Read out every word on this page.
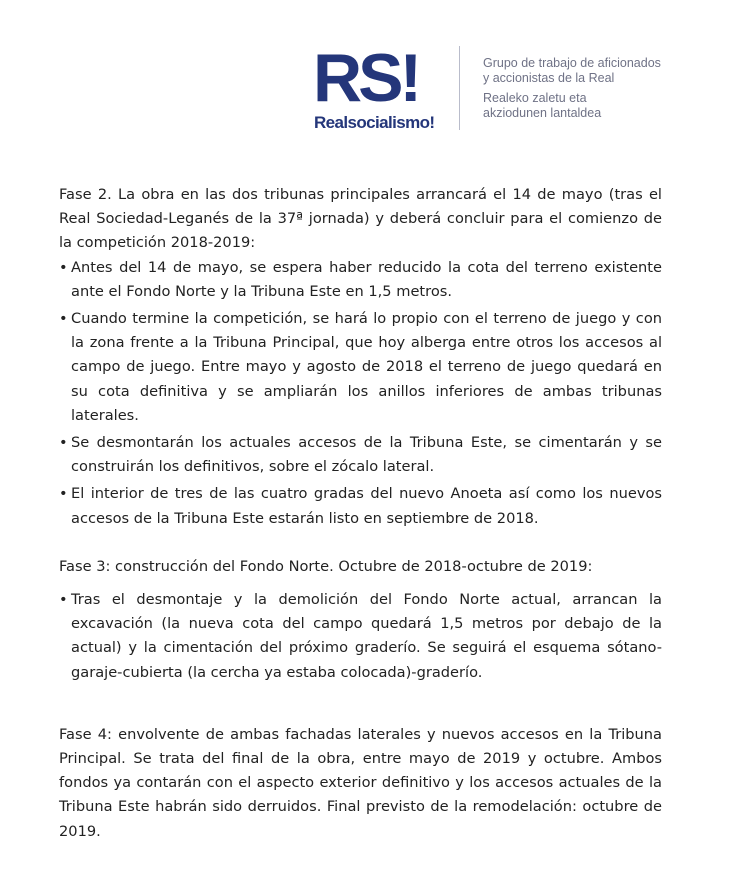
RS!
Realsocialismo!
Grupo de trabajo de aficionados
y accionistas de la Real
Realeko zaletu eta
akziodunen lantaldea

Fase 2. La obra en las dos tribunas principales arrancará el 14 de mayo (tras el Real Sociedad-Leganés de la 37ª jornada) y deberá concluir para el comienzo de la competición 2018-2019:

• Antes del 14 de mayo, se espera haber reducido la cota del terreno existente ante el Fondo Norte y la Tribuna Este en 1,5 metros.
• Cuando termine la competición, se hará lo propio con el terreno de juego y con la zona frente a la Tribuna Principal, que hoy alberga entre otros los accesos al campo de juego. Entre mayo y agosto de 2018 el terreno de juego quedará en su cota definitiva y se ampliarán los anillos inferiores de ambas tribunas laterales.
• Se desmontarán los actuales accesos de la Tribuna Este, se cimentarán y se construirán los definitivos, sobre el zócalo lateral.
• El interior de tres de las cuatro gradas del nuevo Anoeta así como los nuevos accesos de la Tribuna Este estarán listo en septiembre de 2018.

Fase 3: construcción del Fondo Norte. Octubre de 2018-octubre de 2019:

• Tras el desmontaje y la demolición del Fondo Norte actual, arrancan la excavación (la nueva cota del campo quedará 1,5 metros por debajo de la actual) y la cimentación del próximo graderío. Se seguirá el esquema sótano-garaje-cubierta (la cercha ya estaba colocada)-graderío.

Fase 4: envolvente de ambas fachadas laterales y nuevos accesos en la Tribuna Principal. Se trata del final de la obra, entre mayo de 2019 y octubre. Ambos fondos ya contarán con el aspecto exterior definitivo y los accesos actuales de la Tribuna Este habrán sido derruidos. Final previsto de la remodelación: octubre de 2019.
